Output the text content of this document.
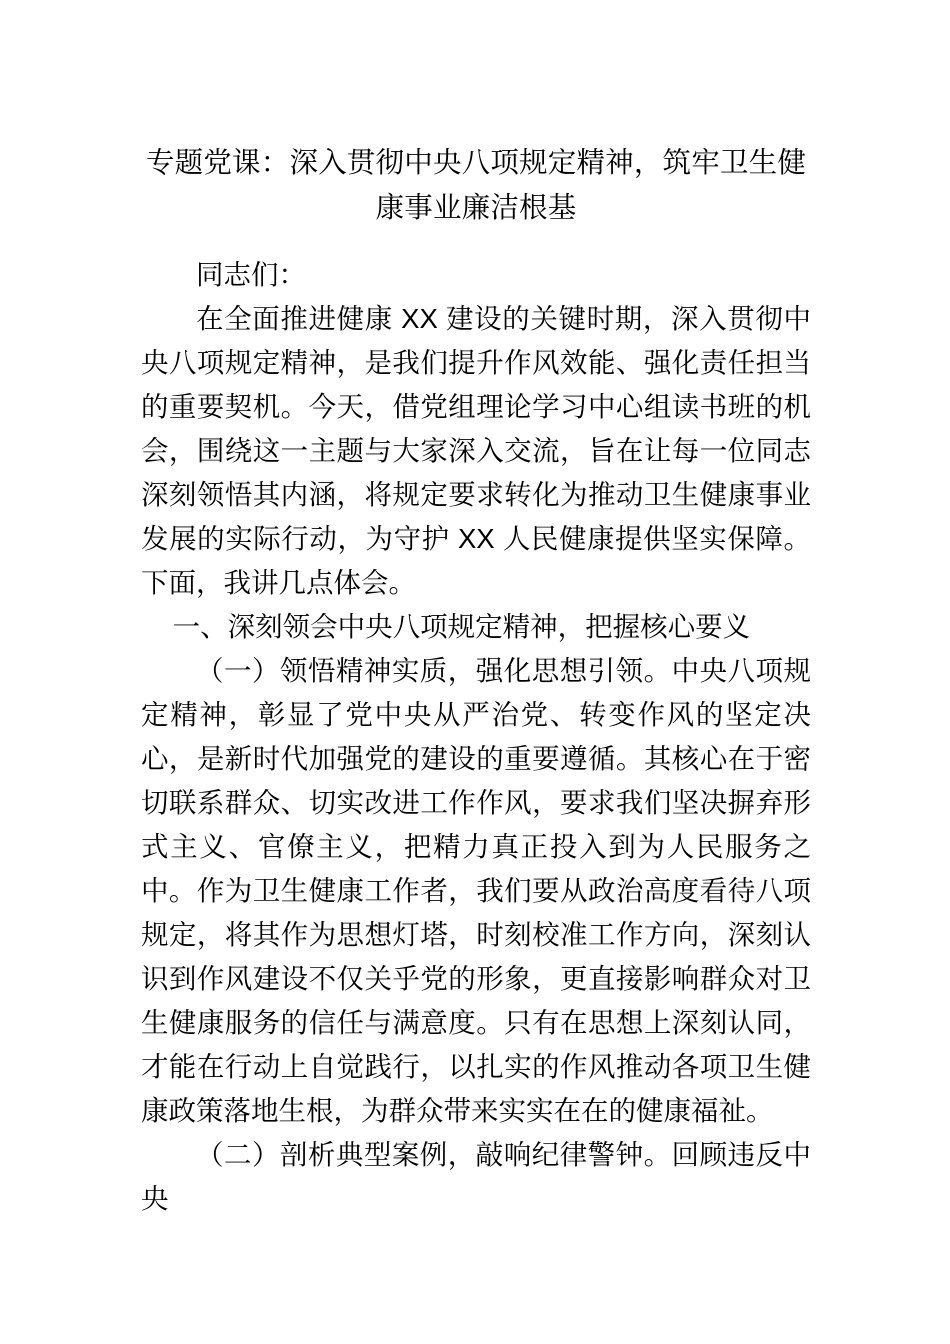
专题党课：深入贯彻中央八项规定精神，筑牢卫生健康事业廉洁根基

同志们：

在全面推进健康 XX 建设的关键时期，深入贯彻中央八项规定精神，是我们提升作风效能、强化责任担当的重要契机。今天，借党组理论学习中心组读书班的机会，围绕这一主题与大家深入交流，旨在让每一位同志深刻领悟其内涵，将规定要求转化为推动卫生健康事业发展的实际行动，为守护 XX 人民健康提供坚实保障。下面，我讲几点体会。

一、深刻领会中央八项规定精神，把握核心要义

（一）领悟精神实质，强化思想引领。中央八项规定精神，彰显了党中央从严治党、转变作风的坚定决心，是新时代加强党的建设的重要遵循。其核心在于密切联系群众、切实改进工作作风，要求我们坚决摒弃形式主义、官僚主义，把精力真正投入到为人民服务之中。作为卫生健康工作者，我们要从政治高度看待八项规定，将其作为思想灯塔，时刻校准工作方向，深刻认识到作风建设不仅关乎党的形象，更直接影响群众对卫生健康服务的信任与满意度。只有在思想上深刻认同，才能在行动上自觉践行，以扎实的作风推动各项卫生健康政策落地生根，为群众带来实实在在的健康福祉。

（二）剖析典型案例，敲响纪律警钟。回顾违反中央
